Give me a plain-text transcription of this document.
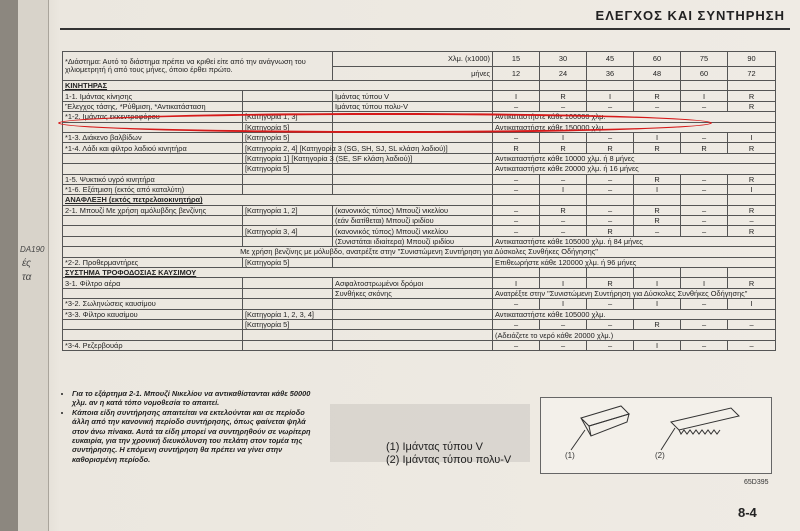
DA190
ές
τα
ΕΛΕΓΧΟΣ ΚΑΙ ΣΥΝΤΗΡΗΣΗ
*Διάστημα: Αυτό το διάστημα πρέπει να κριθεί είτε από την ανάγνωση του χιλιομετρητή ή από τους μήνες, όποιο έρθει πρώτο.		Χλμ. (x1000)	15	30	45	60	75	90
		μήνες	12	24	36	48	60	72
ΚΙΝΗΤΗΡΑΣ								
1-1. Ιμάντας κίνησης		Ιμάντας τύπου V	I	R	I	R	I	R
'Έλεγχος τάσης, *Ρύθμιση, *Αντικατάσταση		Ιμάντας τύπου πολυ-V	–	–	–	–	–	R
*1-2. Ιμάντας εκκεντροφόρου	[Κατηγορία 1, 3]		Αντικαταστήστε κάθε 100000 χλμ.					
	[Κατηγορία 5]		Αντικαταστήστε κάθε 150000 χλμ.					
*1-3. Διάκενο βαλβίδων	[Κατηγορία 5]		–	I	–	I	–	I
*1-4. Λάδι και φίλτρο λαδιού κινητήρα	[Κατηγορία 2, 4] [Κατηγορία 3 (SG, SH, SJ, SL κλάση λαδιού)]		R	R	R	R	R	R
	[Κατηγορία 1] [Κατηγορία 3 (SE, SF κλάση λαδιού)]		Αντικαταστήστε κάθε 10000 χλμ. ή 8 μήνες					
	[Κατηγορία 5]		Αντικαταστήστε κάθε 20000 χλμ. ή 16 μήνες					
1-5. Ψυκτικό υγρό κινητήρα			–	–	–	R	–	R
*1-6. Εξάτμιση (εκτός από καταλύτη)			–	I	–	I	–	I
ΑΝΑΦΛΕΞΗ (εκτός πετρελαιοκινητήρα)								
2-1. Μπουζί Με χρήση αμόλυβδης βενζίνης	[Κατηγορία 1, 2]	(κανονικός τύπος) Μπουζί νικελίου	–	R	–	R	–	R
		(εάν διατίθεται) Μπουζί ιριδίου	–	–	–	R	–	–
	[Κατηγορία 3, 4]	(κανονικός τύπος) Μπουζί νικελίου	–	–	R	–	–	R
		(Συνιστάται ιδιαίτερα) Μπουζί ιριδίου	Αντικαταστήστε κάθε 105000 χλμ. ή 84 μήνες					
Με χρήση βενζίνης με μόλυβδο, ανατρέξτε στην "Συνιστώμενη Συντήρηση για Δύσκολες Συνθήκες Οδήγησης"								
*2-2. Προθερμαντήρες	[Κατηγορία 5]		Επιθεωρήστε κάθε 120000 χλμ. ή 96 μήνες					
ΣΥΣΤΗΜΑ ΤΡΟΦΟΔΟΣΙΑΣ ΚΑΥΣΙΜΟΥ								
3-1. Φίλτρο αέρα		Ασφαλτοστρωμένοι δρόμοι	I	I	R	I	I	R
		Συνθήκες σκόνης	Ανατρέξτε στην "Συνιστώμενη Συντήρηση για Δύσκολες Συνθήκες Οδήγησης"					
*3-2. Σωληνώσεις καυσίμου			–	I	–	I	–	I
*3-3. Φίλτρο καυσίμου	[Κατηγορία 1, 2, 3, 4]		Αντικαταστήστε κάθε 105000 χλμ.					
	[Κατηγορία 5]		–	–	–	R	–	–
			(Αδειάζετε το νερό κάθε 20000 χλμ.)					
*3-4. Ρεζερβουάρ			–	–	–	I	–	–
• Για το εξάρτημα 2-1. Μπουζί Νικελίου να αντικαθίστανται κάθε 50000 χλμ. αν η κατά τόπο νομοθεσία το απαιτεί.
• Κάποια είδη συντήρησης απαιτείται να εκτελούνται και σε περίοδο άλλη από την κανονική περίοδο συντήρησης, όπως φαίνεται ψηλά στον άνω πίνακα. Αυτά τα είδη μπορεί να συντηρηθούν σε νωρίτερη ευκαιρία, για την χρονική διευκόλυνση του πελάτη στον τομέα της συντήρησης. Η επόμενη συντήρηση θα πρέπει να γίνει στην καθορισμένη περίοδο.
(1) Ιμάντας τύπου V
(2) Ιμάντας τύπου πολυ-V	(1)	(2)
65D395
8-4
